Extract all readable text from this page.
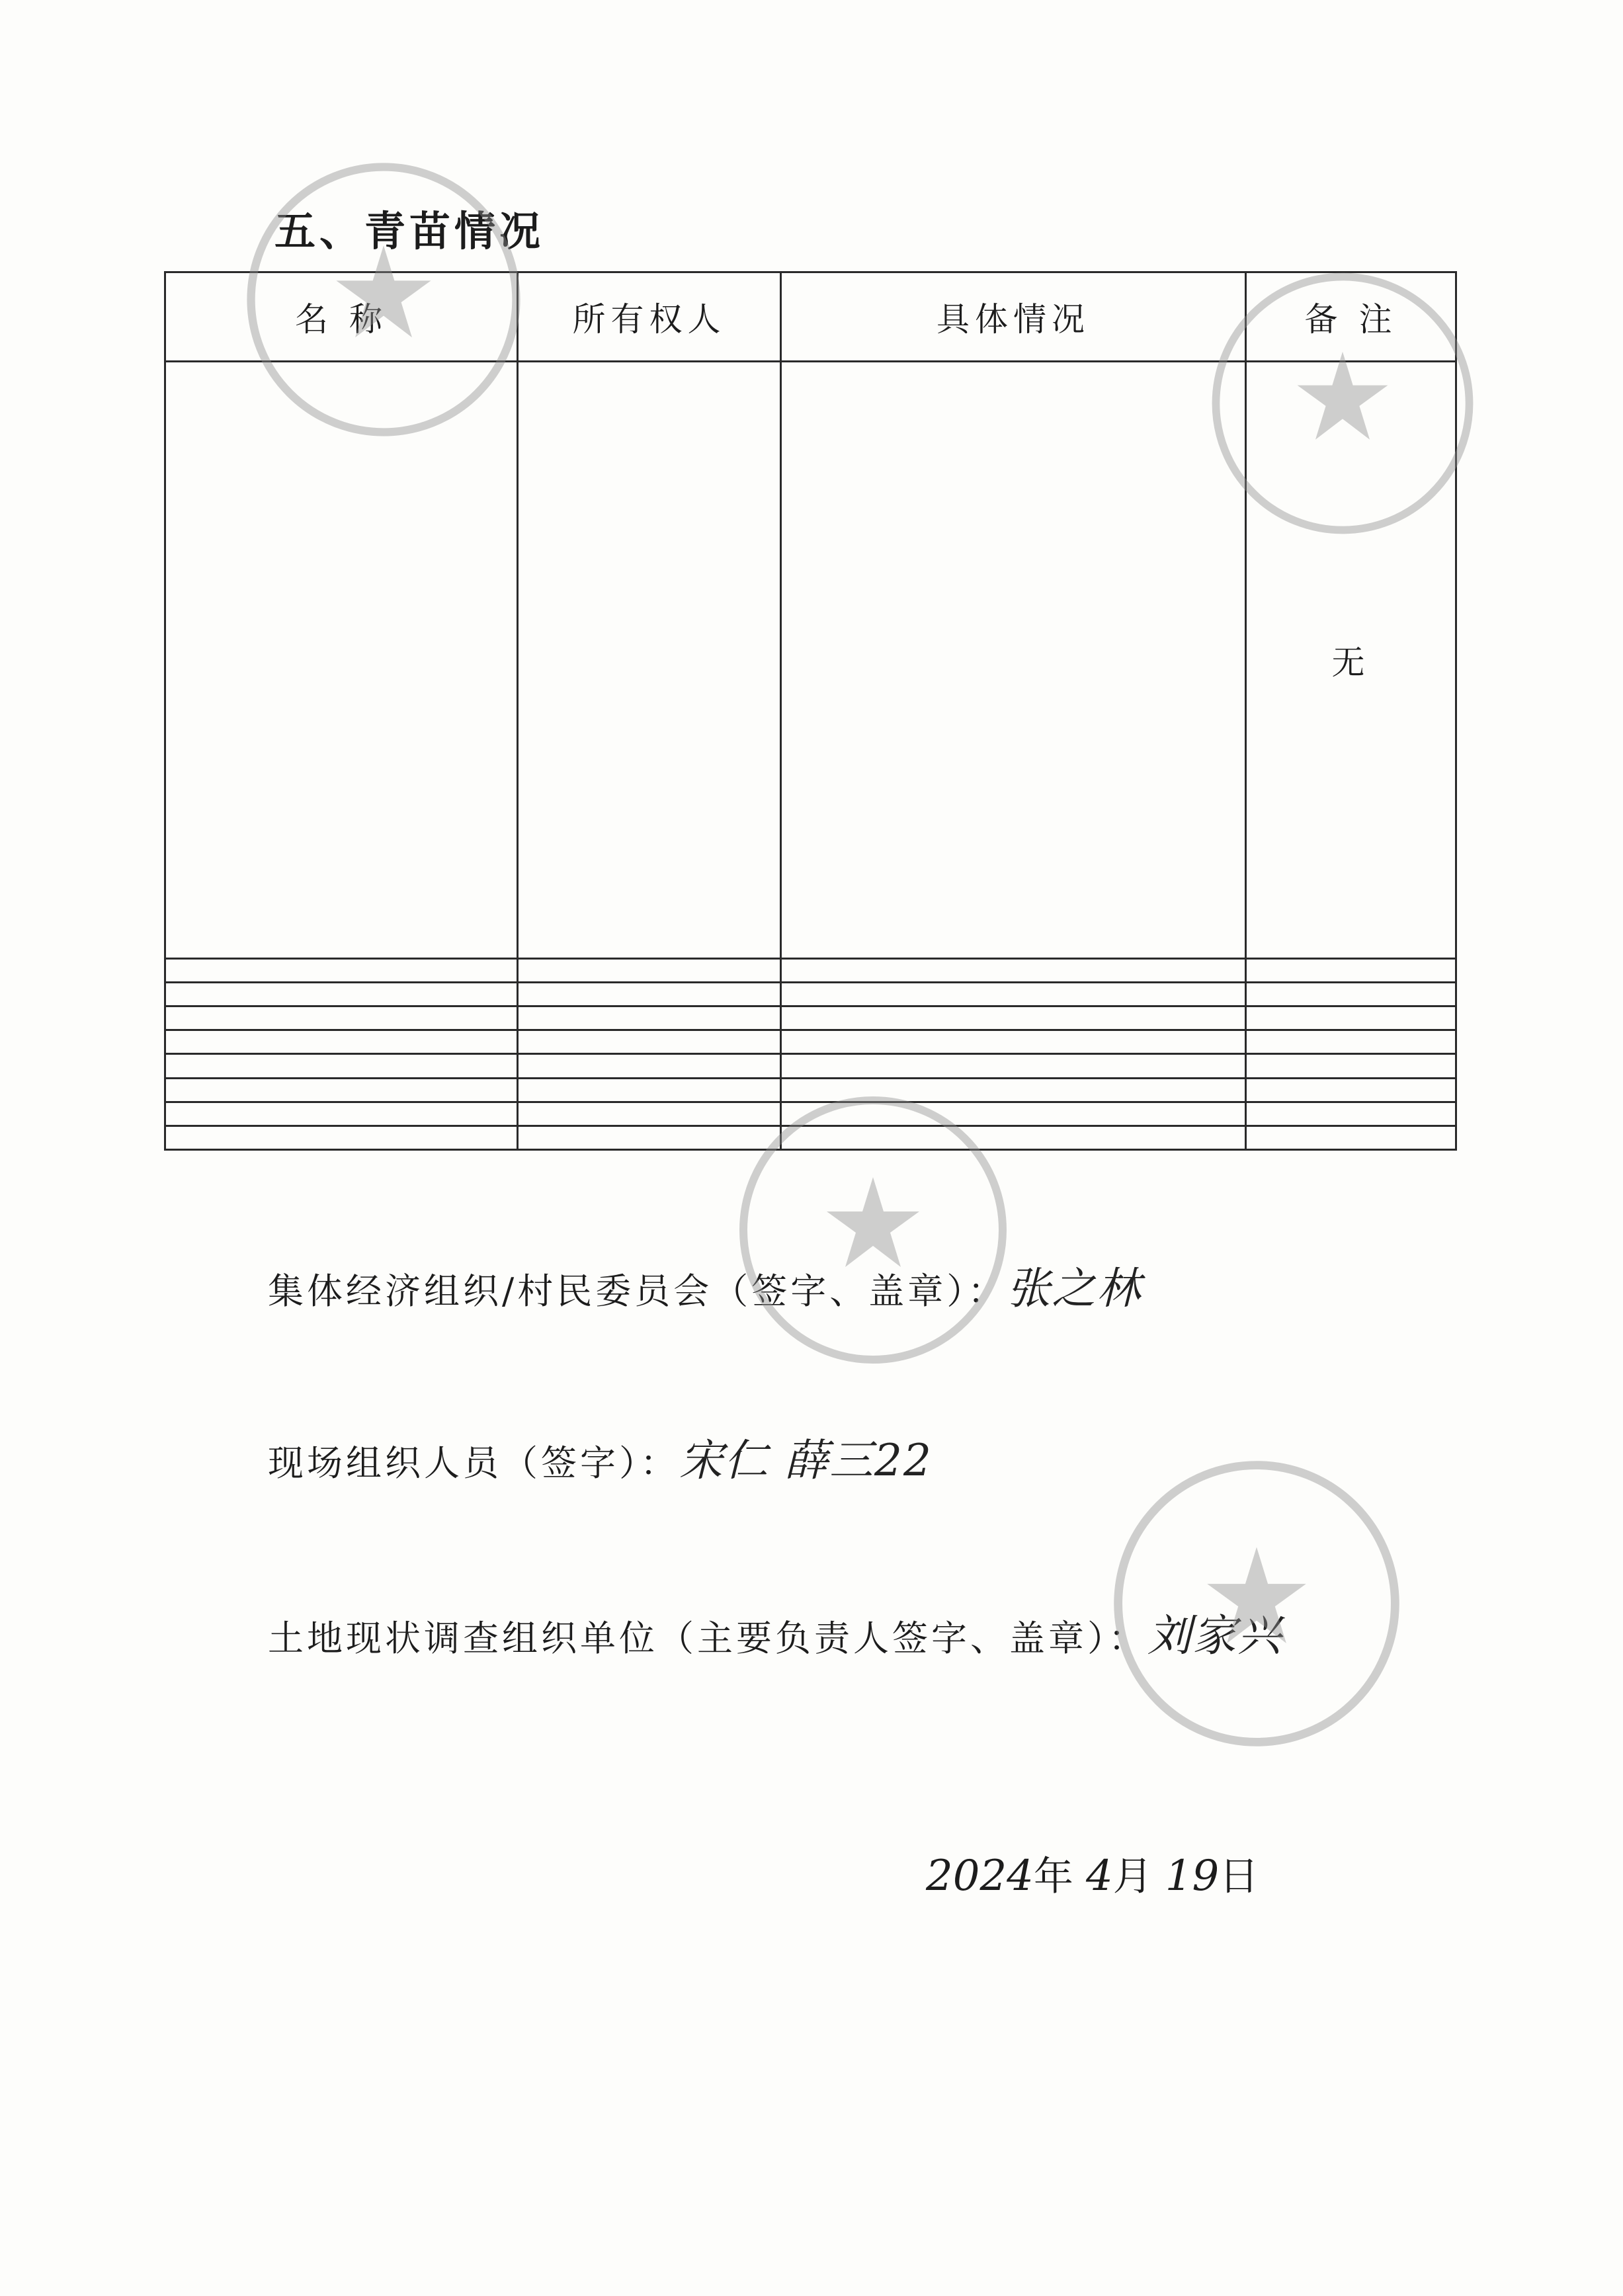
五、青苗情况
名 称	所有权人	具体情况	备 注
			无

集体经济组织/村民委员会（签字、盖章）：张之林
现场组织人员（签字）：宋仁 薛三22
土地现状调查组织单位（主要负责人签字、盖章）：刘家兴
2024年 4月 19日
